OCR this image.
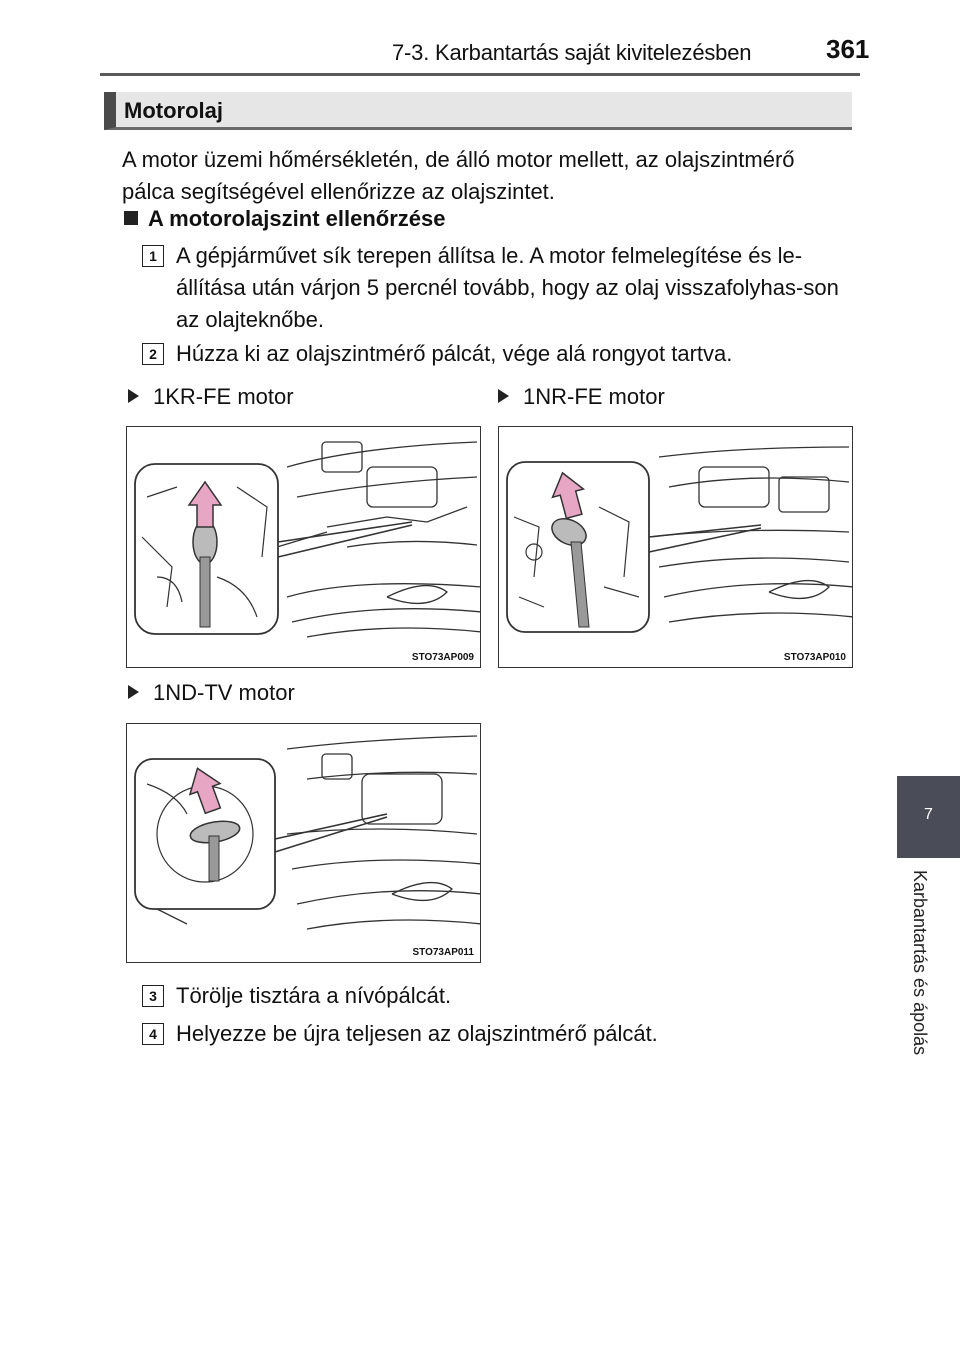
7-3. Karbantartás saját kivitelezésben	361
Motorolaj
A motor üzemi hőmérsékletén, de álló motor mellett, az olajszintmérő pálca segítségével ellenőrizze az olajszintet.
A motorolajszint ellenőrzése
1 A gépjárművet sík terepen állítsa le. A motor felmelegítése és le-állítása után várjon 5 percnél tovább, hogy az olaj visszafolyhas-son az olajteknőbe.
2 Húzza ki az olajszintmérő pálcát, vége alá rongyot tartva.
1KR-FE motor	1NR-FE motor
STO73AP009	STO73AP010
1ND-TV motor
STO73AP011
3 Törölje tisztára a nívópálcát.
4 Helyezze be újra teljesen az olajszintmérő pálcát.
7
Karbantartás és ápolás
